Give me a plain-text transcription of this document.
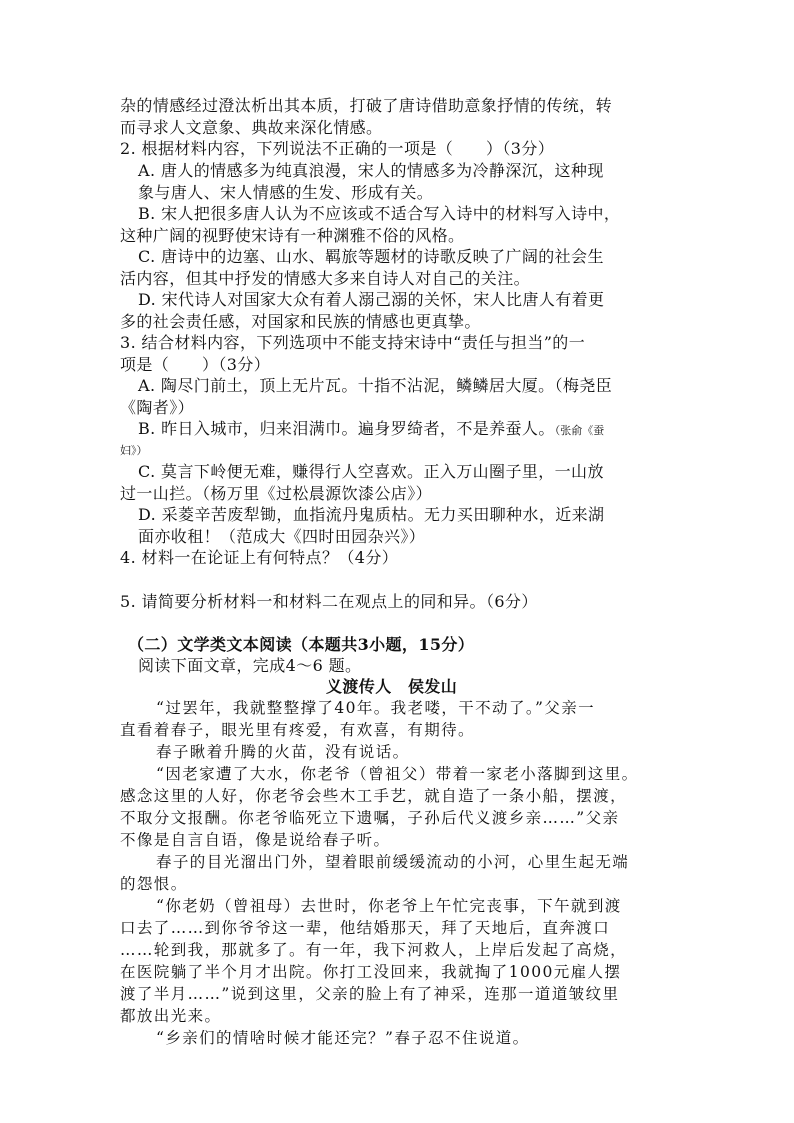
杂的情感经过澄汰析出其本质，打破了唐诗借助意象抒情的传统，转
而寻求人文意象、典故来深化情感。
2. 根据材料内容，下列说法不正确的一项是（　　）（3分）
A. 唐人的情感多为纯真浪漫，宋人的情感多为冷静深沉，这种现
象与唐人、宋人情感的生发、形成有关。
B. 宋人把很多唐人认为不应该或不适合写入诗中的材料写入诗中，
这种广阔的视野使宋诗有一种渊雅不俗的风格。
C. 唐诗中的边塞、山水、羁旅等题材的诗歌反映了广阔的社会生
活内容，但其中抒发的情感大多来自诗人对自己的关注。
D. 宋代诗人对国家大众有着人溺己溺的关怀，宋人比唐人有着更
多的社会责任感，对国家和民族的情感也更真挚。
3. 结合材料内容，下列选项中不能支持宋诗中“责任与担当”的一
项是（　　）（3分）
A. 陶尽门前土，顶上无片瓦。十指不沾泥，鳞鳞居大厦。（梅尧臣
《陶者》）
B. 昨日入城市，归来泪满巾。遍身罗绮者，不是养蚕人。（张俞《蚕
妇》）
C. 莫言下岭便无难，赚得行人空喜欢。正入万山圈子里，一山放
过一山拦。（杨万里《过松晨源饮漆公店》）
D. 采菱辛苦废犁锄，血指流丹鬼质枯。无力买田聊种水，近来湖
面亦收租！（范成大《四时田园杂兴》）
4. 材料一在论证上有何特点？（4分）
5. 请简要分析材料一和材料二在观点上的同和异。（6分）
（二）文学类文本阅读（本题共3小题，15分）
阅读下面文章，完成4～6 题。
义渡传人　侯发山
“过罢年，我就整整撑了40年。我老喽，干不动了。”父亲一
直看着春子，眼光里有疼爱，有欢喜，有期待。
春子瞅着升腾的火苗，没有说话。
“因老家遭了大水，你老爷（曾祖父）带着一家老小落脚到这里。
感念这里的人好，你老爷会些木工手艺，就自造了一条小船，摆渡，
不取分文报酬。你老爷临死立下遗嘱，子孙后代义渡乡亲……”父亲
不像是自言自语，像是说给春子听。
春子的目光溜出门外，望着眼前缓缓流动的小河，心里生起无端
的怨恨。
“你老奶（曾祖母）去世时，你老爷上午忙完丧事，下午就到渡
口去了……到你爷爷这一辈，他结婚那天，拜了天地后，直奔渡口
……轮到我，那就多了。有一年，我下河救人，上岸后发起了高烧，
在医院躺了半个月才出院。你打工没回来，我就掏了1000元雇人摆
渡了半月……”说到这里，父亲的脸上有了神采，连那一道道皱纹里
都放出光来。
“乡亲们的情啥时候才能还完？”春子忍不住说道。
